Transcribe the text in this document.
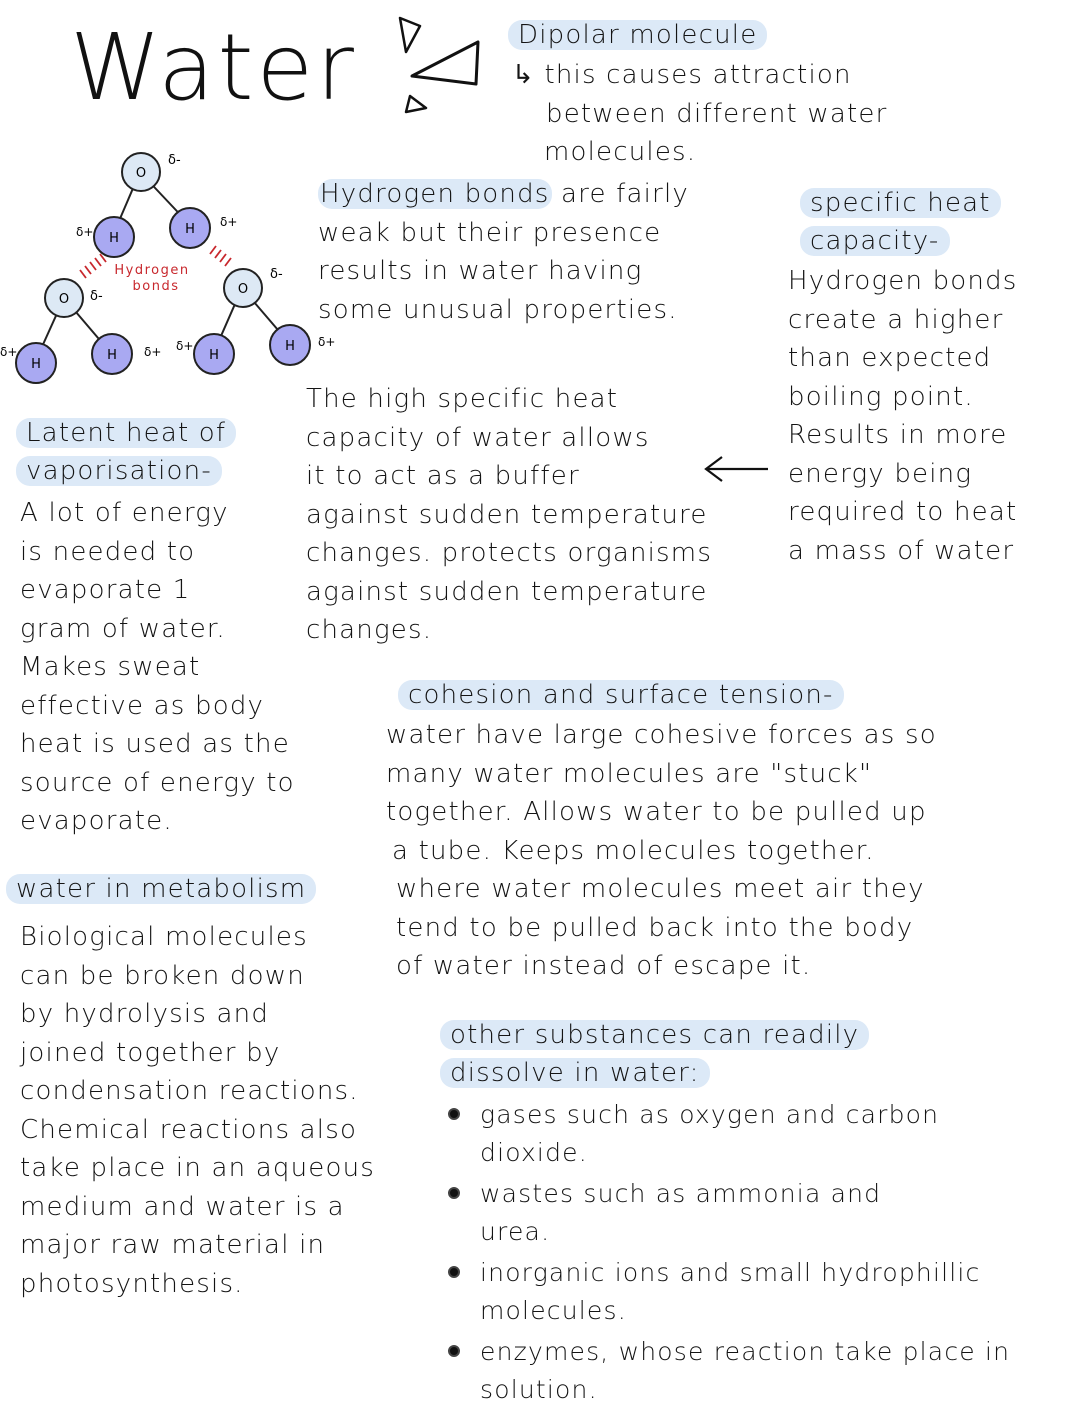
Water	Dipolar molecule
↳ this causes attraction
between different water
molecules.
Hydrogen
bonds
O
O
O
H
H
H
H	H
H
δ-
δ-
δ-
δ+
δ+
δ+	δ+ δ+	δ+
Hydrogen bonds are fairly
weak but their presence
results in water having
some unusual properties.
specific heat
capacity-
Hydrogen bonds
create a higher
than expected
boiling point.
Results in more
energy being
required to heat
a mass of water
The high specific heat
capacity of water allows
it to act as a buffer
against sudden temperature
changes. protects organisms
against sudden temperature
changes.
Latent heat of
vaporisation-
A lot of energy
is needed to
evaporate 1
gram of water.
Makes sweat
effective as body
heat is used as the
source of energy to
evaporate.
cohesion and surface tension-
water have large cohesive forces as so
many water molecules are "stuck"
together. Allows water to be pulled up
a tube. Keeps molecules together.
where water molecules meet air they
tend to be pulled back into the body
of water instead of escape it.
water in metabolism
Biological molecules
can be broken down
by hydrolysis and
joined together by
condensation reactions.
Chemical reactions also
take place in an aqueous
medium and water is a
major raw material in
photosynthesis.
other substances can readily
dissolve in water:
gases such as oxygen and carbon
dioxide.
wastes such as ammonia and
urea.
inorganic ions and small hydrophillic
molecules.
enzymes, whose reaction take place in
solution.
